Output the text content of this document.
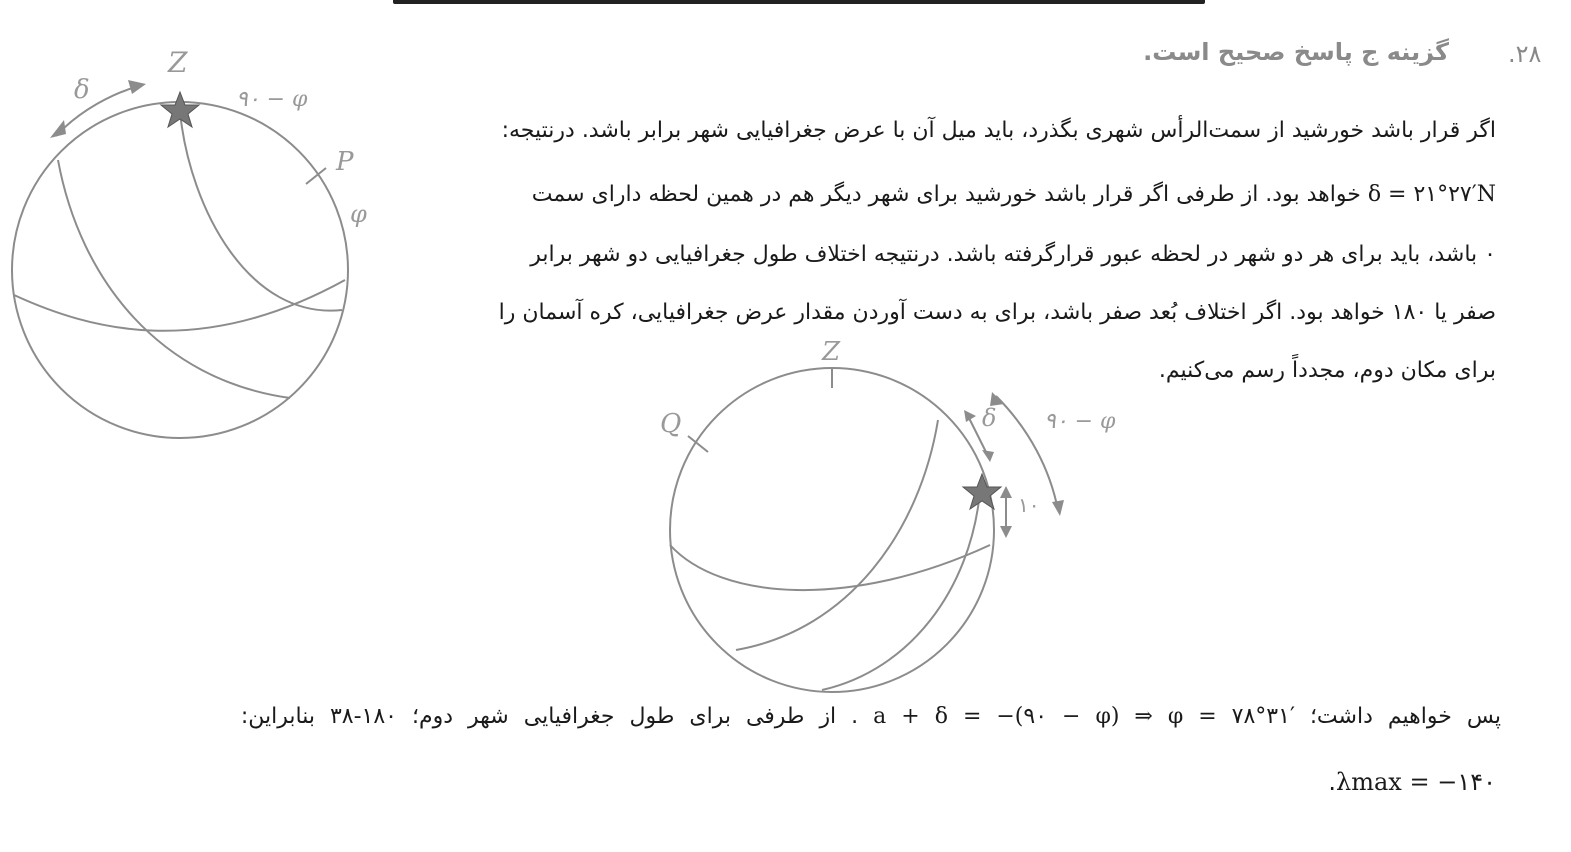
۲۸.
گزینه ج پاسخ صحیح است.
اگر قرار باشد خورشید از سمت‌الرأس شهری بگذرد، باید میل آن با عرض جغرافیایی شهر برابر باشد. درنتیجه:
δ = ۲۱°۲۷′N خواهد بود. از طرفی اگر قرار باشد خورشید برای شهر دیگر هم در همین لحظه دارای سمت
۰ باشد، باید برای هر دو شهر در لحظه عبور قرارگرفته باشد. درنتیجه اختلاف طول جغرافیایی دو شهر برابر
صفر یا ۱۸۰ خواهد بود. اگر اختلاف بُعد صفر باشد، برای به دست آوردن مقدار عرض جغرافیایی، کره آسمان را
برای مکان دوم، مجدداً رسم می‌کنیم.
Z
δ	۹۰ − φ
P
φ
Z
Q	δ ۹۰ − φ
۱۰
پس خواهیم داشت؛ a + δ = −(۹۰ − φ) ⇒ φ = ۷۸°۳۱′ . از طرفی برای طول جغرافیایی شهر دوم؛ ۱۸۰-۳۸ بنابراین:
λmax = −۱۴۰.
